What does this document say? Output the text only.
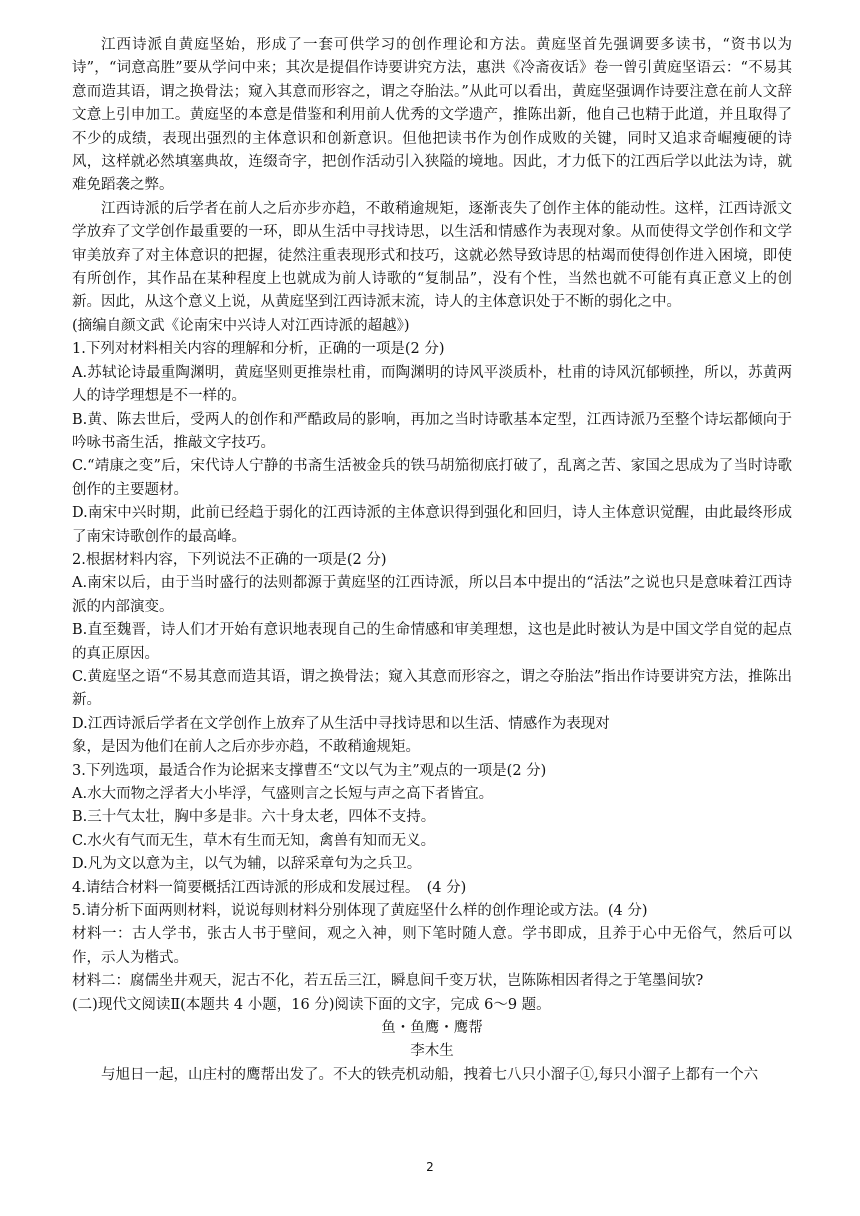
江西诗派自黄庭坚始，形成了一套可供学习的创作理论和方法。黄庭坚首先强调要多读书，“资书以为诗”，“词意高胜”要从学问中来；其次是提倡作诗要讲究方法，惠洪《冷斋夜话》卷一曾引黄庭坚语云：“不易其意而造其语，谓之换骨法；窥入其意而形容之，谓之夺胎法。”从此可以看出，黄庭坚强调作诗要注意在前人文辞文意上引申加工。黄庭坚的本意是借鉴和利用前人优秀的文学遗产，推陈出新，他自己也精于此道，并且取得了不少的成绩，表现出强烈的主体意识和创新意识。但他把读书作为创作成败的关键，同时又追求奇崛瘦硬的诗风，这样就必然填塞典故，连缀奇字，把创作活动引入狭隘的境地。因此，才力低下的江西后学以此法为诗，就难免蹈袭之弊。

江西诗派的后学者在前人之后亦步亦趋，不敢稍逾规矩，逐渐丧失了创作主体的能动性。这样，江西诗派文学放弃了文学创作最重要的一环，即从生活中寻找诗思，以生活和情感作为表现对象。从而使得文学创作和文学审美放弃了对主体意识的把握，徒然注重表现形式和技巧，这就必然导致诗思的枯竭而使得创作进入困境，即使有所创作，其作品在某种程度上也就成为前人诗歌的“复制品”，没有个性，当然也就不可能有真正意义上的创新。因此，从这个意义上说，从黄庭坚到江西诗派末流，诗人的主体意识处于不断的弱化之中。

(摘编自颜文武《论南宋中兴诗人对江西诗派的超越》)

1.下列对材料相关内容的理解和分析，正确的一项是(2 分)

A.苏轼论诗最重陶渊明，黄庭坚则更推崇杜甫，而陶渊明的诗风平淡质朴，杜甫的诗风沉郁顿挫，所以，苏黄两人的诗学理想是不一样的。

B.黄、陈去世后，受两人的创作和严酷政局的影响，再加之当时诗歌基本定型，江西诗派乃至整个诗坛都倾向于吟咏书斋生活，推敲文字技巧。

C.“靖康之变”后，宋代诗人宁静的书斋生活被金兵的铁马胡笳彻底打破了，乱离之苦、家国之思成为了当时诗歌创作的主要题材。

D.南宋中兴时期，此前已经趋于弱化的江西诗派的主体意识得到强化和回归，诗人主体意识觉醒，由此最终形成了南宋诗歌创作的最高峰。

2.根据材料内容，下列说法不正确的一项是(2 分)

A.南宋以后，由于当时盛行的法则都源于黄庭坚的江西诗派，所以吕本中提出的“活法”之说也只是意味着江西诗派的内部演变。

B.直至魏晋，诗人们才开始有意识地表现自己的生命情感和审美理想，这也是此时被认为是中国文学自觉的起点的真正原因。

C.黄庭坚之语“不易其意而造其语，谓之换骨法；窥入其意而形容之，谓之夺胎法”指出作诗要讲究方法，推陈出新。

D.江西诗派后学者在文学创作上放弃了从生活中寻找诗思和以生活、情感作为表现对

象，是因为他们在前人之后亦步亦趋，不敢稍逾规矩。

3.下列选项，最适合作为论据来支撑曹丕“文以气为主”观点的一项是(2 分)

A.水大而物之浮者大小毕浮，气盛则言之长短与声之高下者皆宜。

B.三十气太壮，胸中多是非。六十身太老，四体不支持。

C.水火有气而无生，草木有生而无知，禽兽有知而无义。

D.凡为文以意为主，以气为辅，以辞采章句为之兵卫。

4.请结合材料一简要概括江西诗派的形成和发展过程。　(4 分)

5.请分析下面两则材料，说说每则材料分别体现了黄庭坚什么样的创作理论或方法。(4 分)

材料一：古人学书，张古人书于壁间，观之入神，则下笔时随人意。学书即成，且养于心中无俗气，然后可以作，示人为楷式。

材料二：腐儒坐井观天，泥古不化，若五岳三江，瞬息间千变万状，岂陈陈相因者得之于笔墨间欤?

(二)现代文阅读Ⅱ(本题共 4 小题，16 分)阅读下面的文字，完成 6～9 题。

鱼・鱼鹰・鹰帮

李木生

与旭日一起，山庄村的鹰帮出发了。不大的铁壳机动船，拽着七八只小溜子①,每只小溜子上都有一个六

2
